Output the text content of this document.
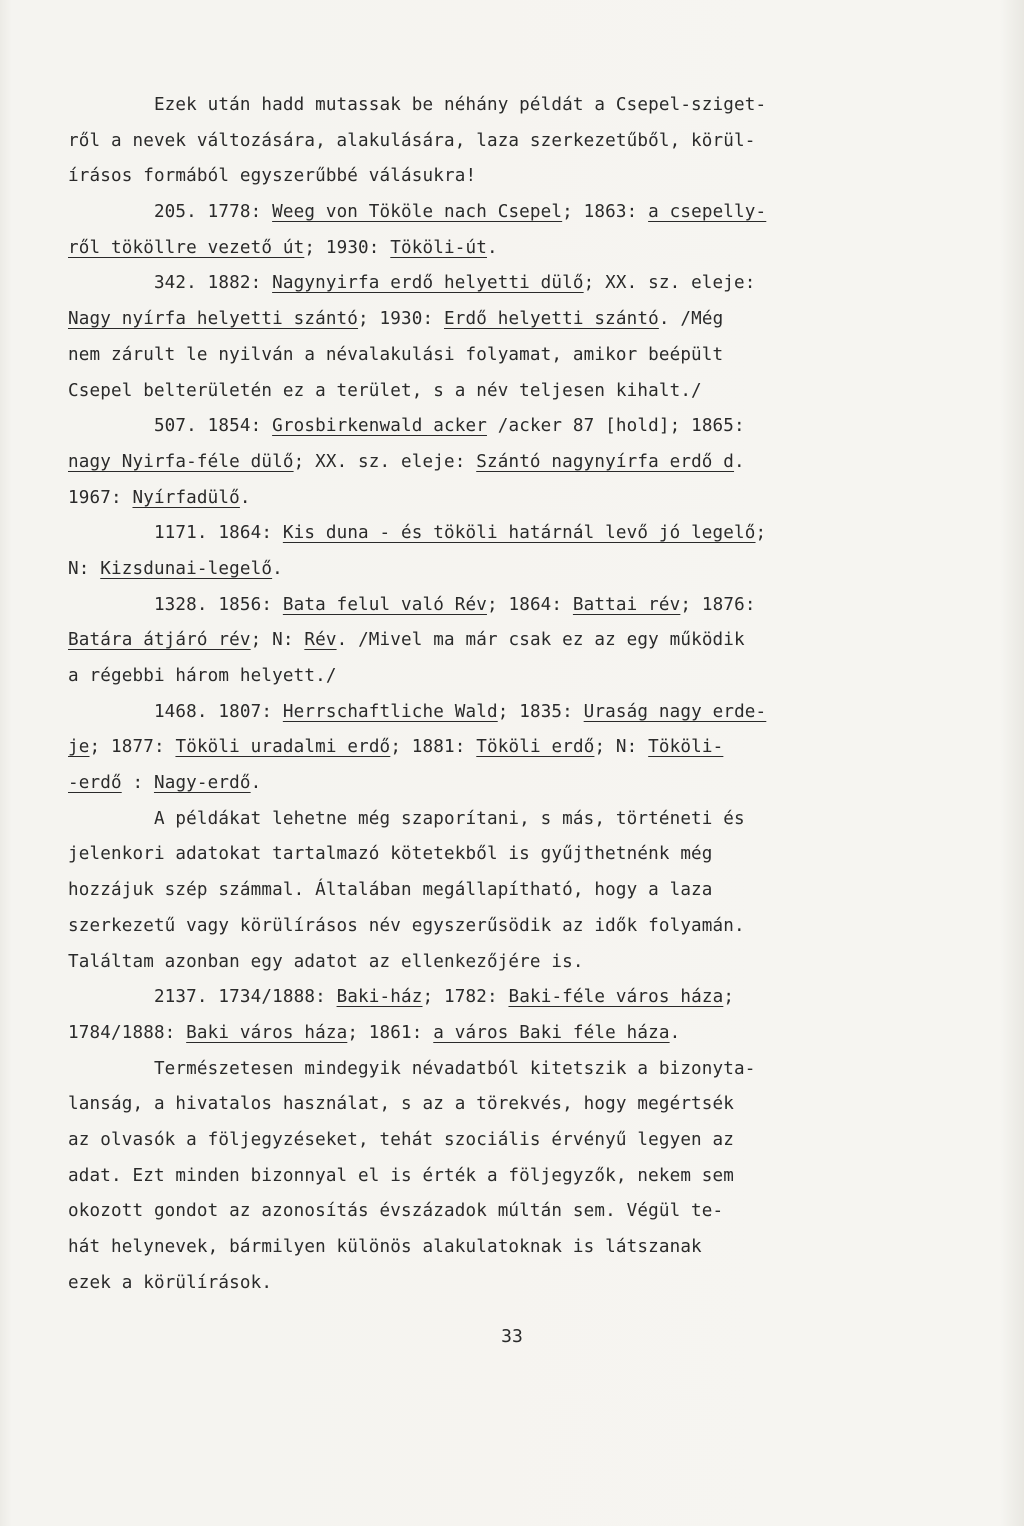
Ezek után hadd mutassak be néhány példát a Csepel-sziget-
ről a nevek változására, alakulására, laza szerkezetűből, körül-
írásos formából egyszerűbbé válásukra!
205. 1778: Weeg von Tököle nach Csepel; 1863: a csepelly-
ről tököllre vezető út; 1930: Tököli-út.
342. 1882: Nagynyirfa erdő helyetti dülő; XX. sz. eleje:
Nagy nyírfa helyetti szántó; 1930: Erdő helyetti szántó. /Még
nem zárult le nyilván a névalakulási folyamat, amikor beépült
Csepel belterületén ez a terület, s a név teljesen kihalt./
507. 1854: Grosbirkenwald acker /acker 87 [hold]; 1865:
nagy Nyirfa-féle dülő; XX. sz. eleje: Szántó nagynyírfa erdő d.
1967: Nyírfadülő.
1171. 1864: Kis duna - és tököli határnál levő jó legelő;
N: Kizsdunai-legelő.
1328. 1856: Bata felul való Rév; 1864: Battai rév; 1876:
Batára átjáró rév; N: Rév. /Mivel ma már csak ez az egy működik
a régebbi három helyett./
1468. 1807: Herrschaftliche Wald; 1835: Uraság nagy erde-
je; 1877: Tököli uradalmi erdő; 1881: Tököli erdő; N: Tököli-
-erdő : Nagy-erdő.
A példákat lehetne még szaporítani, s más, történeti és
jelenkori adatokat tartalmazó kötetekből is gyűjthetnénk még
hozzájuk szép számmal. Általában megállapítható, hogy a laza
szerkezetű vagy körülírásos név egyszerűsödik az idők folyamán.
Találtam azonban egy adatot az ellenkezőjére is.
2137. 1734/1888: Baki-ház; 1782: Baki-féle város háza;
1784/1888: Baki város háza; 1861: a város Baki féle háza.
Természetesen mindegyik névadatból kitetszik a bizonyta-
lanság, a hivatalos használat, s az a törekvés, hogy megértsék
az olvasók a följegyzéseket, tehát szociális érvényű legyen az
adat. Ezt minden bizonnyal el is érték a följegyzők, nekem sem
okozott gondot az azonosítás évszázadok múltán sem. Végül te-
hát helynevek, bármilyen különös alakulatoknak is látszanak
ezek a körülírások.
33
